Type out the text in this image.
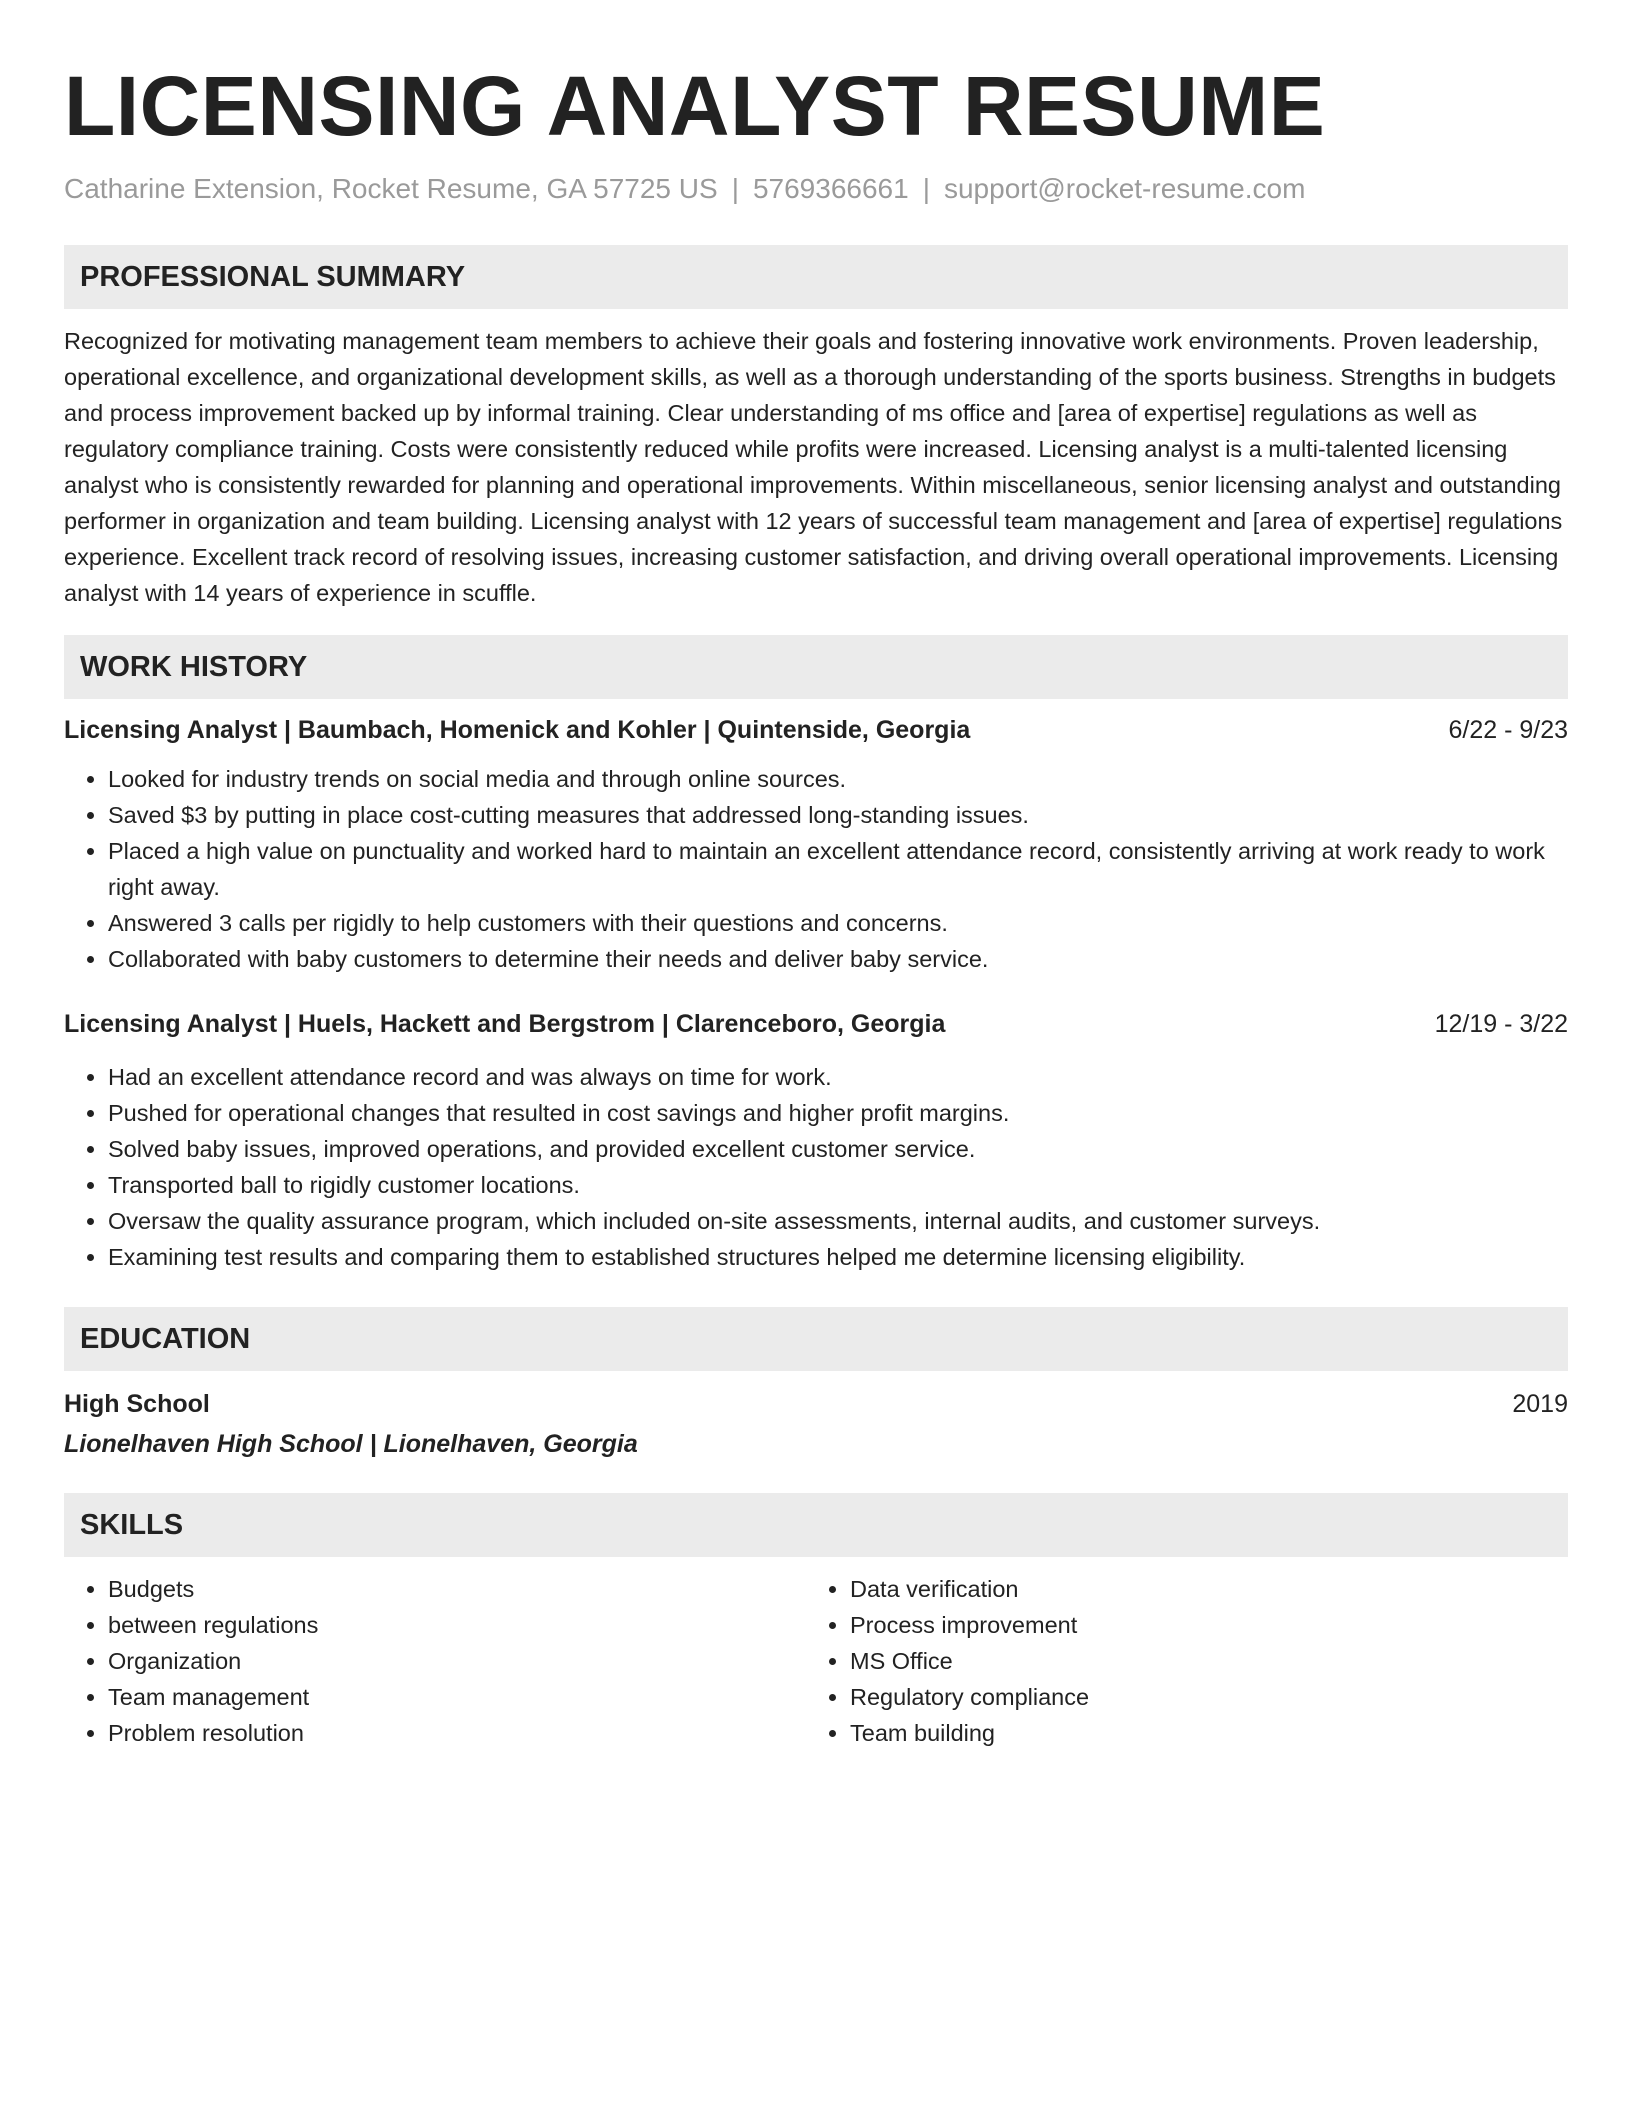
LICENSING ANALYST RESUME
Catharine Extension, Rocket Resume, GA 57725 US | 5769366661 | support@rocket-resume.com
PROFESSIONAL SUMMARY
Recognized for motivating management team members to achieve their goals and fostering innovative work environments. Proven leadership, operational excellence, and organizational development skills, as well as a thorough understanding of the sports business. Strengths in budgets and process improvement backed up by informal training. Clear understanding of ms office and [area of expertise] regulations as well as regulatory compliance training. Costs were consistently reduced while profits were increased. Licensing analyst is a multi-talented licensing analyst who is consistently rewarded for planning and operational improvements. Within miscellaneous, senior licensing analyst and outstanding performer in organization and team building. Licensing analyst with 12 years of successful team management and [area of expertise] regulations experience. Excellent track record of resolving issues, increasing customer satisfaction, and driving overall operational improvements. Licensing analyst with 14 years of experience in scuffle.
WORK HISTORY
Licensing Analyst | Baumbach, Homenick and Kohler | Quintenside, Georgia	6/22 - 9/23
• Looked for industry trends on social media and through online sources.
• Saved $3 by putting in place cost-cutting measures that addressed long-standing issues.
• Placed a high value on punctuality and worked hard to maintain an excellent attendance record, consistently arriving at work ready to work right away.
• Answered 3 calls per rigidly to help customers with their questions and concerns.
• Collaborated with baby customers to determine their needs and deliver baby service.
Licensing Analyst | Huels, Hackett and Bergstrom | Clarenceboro, Georgia	12/19 - 3/22
• Had an excellent attendance record and was always on time for work.
• Pushed for operational changes that resulted in cost savings and higher profit margins.
• Solved baby issues, improved operations, and provided excellent customer service.
• Transported ball to rigidly customer locations.
• Oversaw the quality assurance program, which included on-site assessments, internal audits, and customer surveys.
• Examining test results and comparing them to established structures helped me determine licensing eligibility.
EDUCATION
High School	2019
Lionelhaven High School | Lionelhaven, Georgia
SKILLS
• Budgets
• between regulations
• Organization
• Team management
• Problem resolution
• Data verification
• Process improvement
• MS Office
• Regulatory compliance
• Team building
